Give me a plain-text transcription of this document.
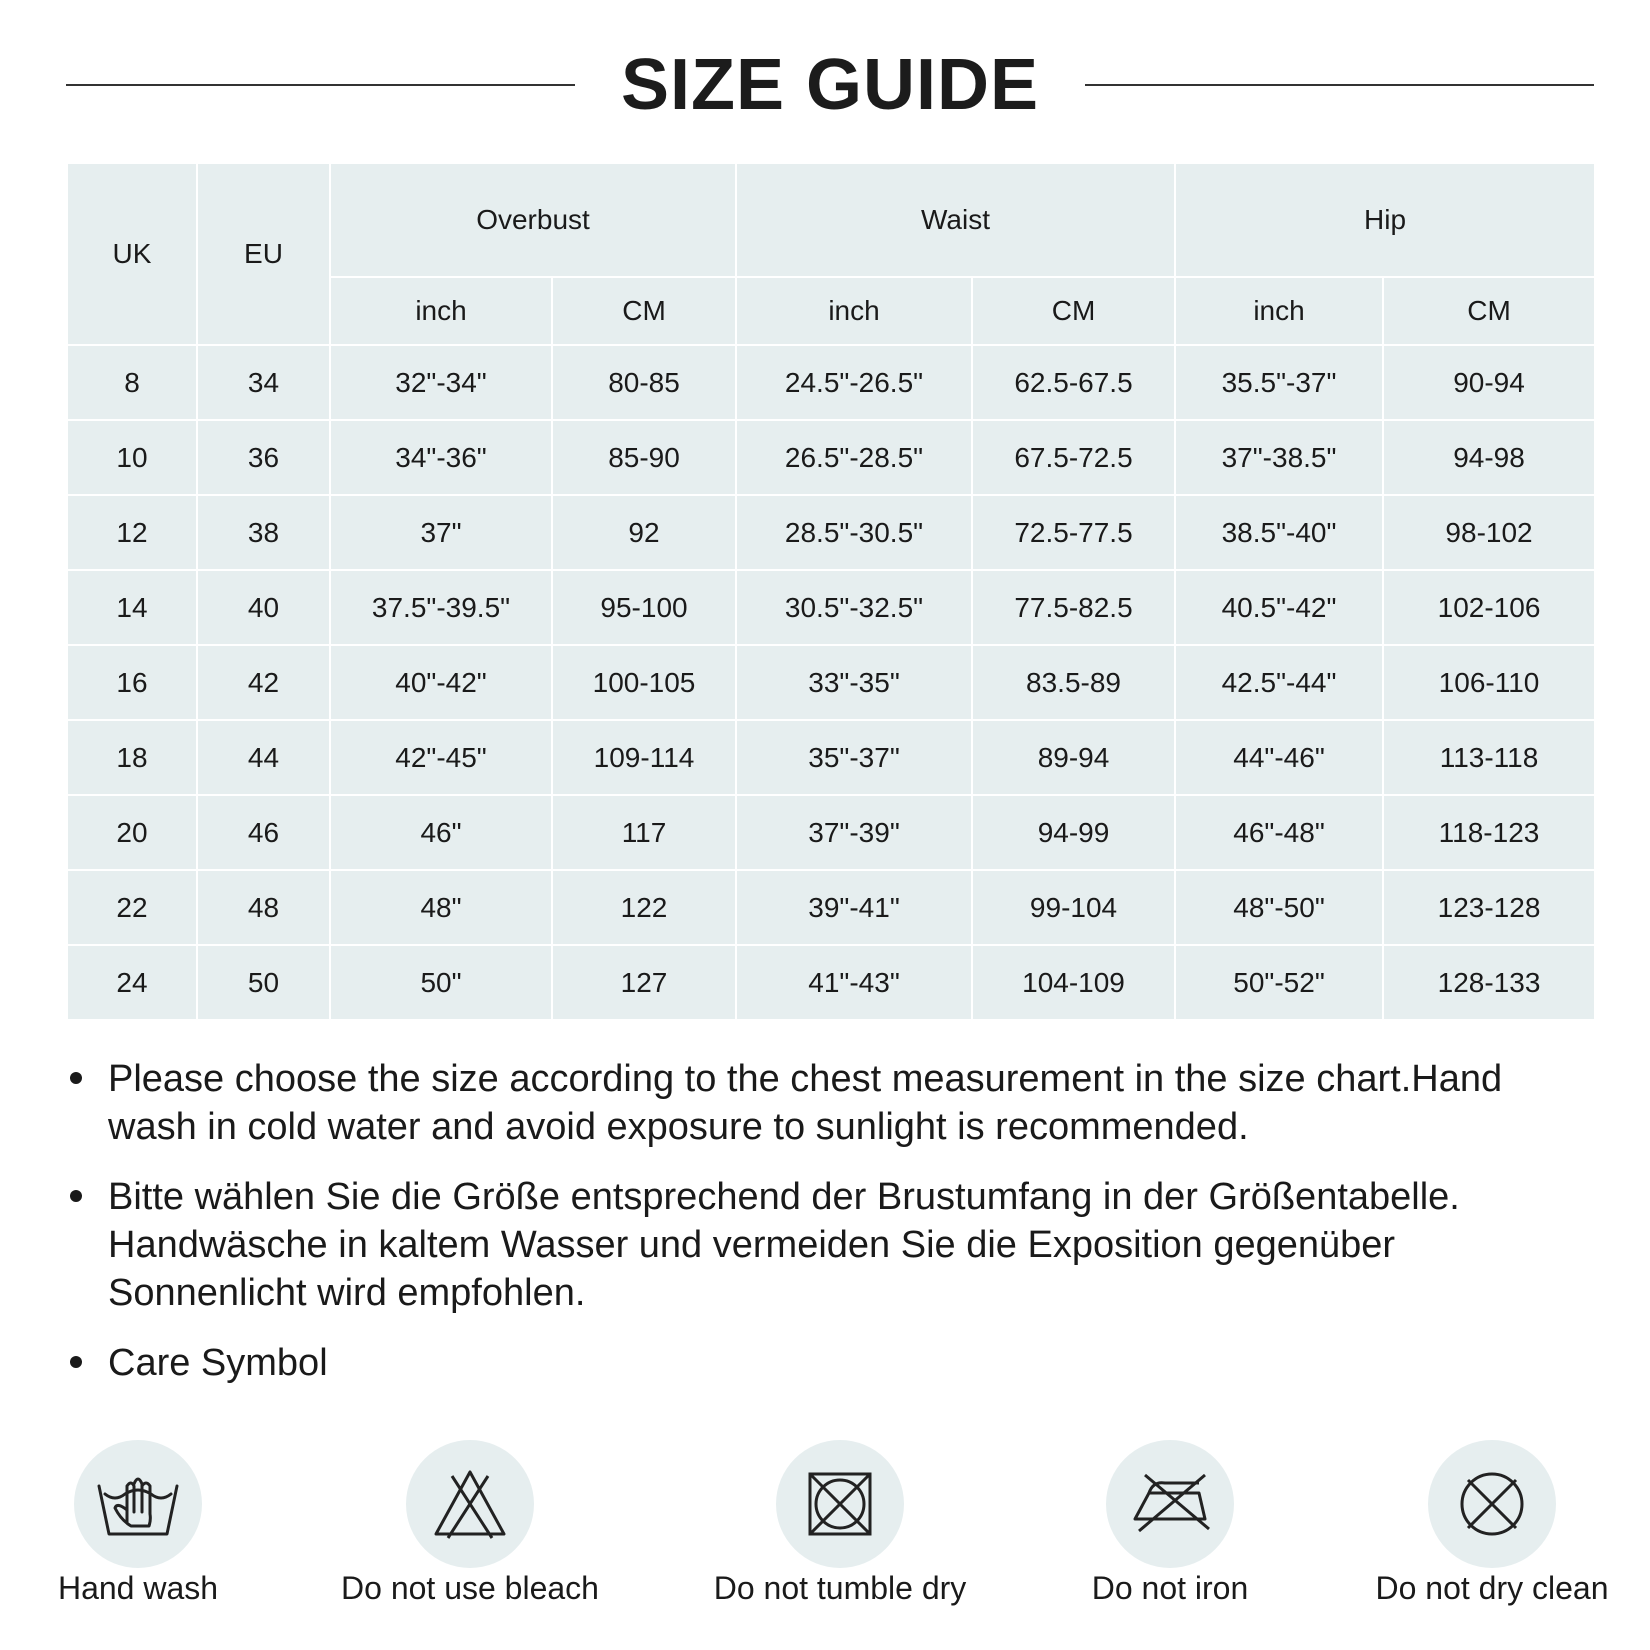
SIZE GUIDE
UK	EU	Overbust		Waist		Hip	
		inch	CM	inch	CM	inch	CM
8	34	32"-34"	80-85	24.5"-26.5"	62.5-67.5	35.5"-37"	90-94
10	36	34"-36"	85-90	26.5"-28.5"	67.5-72.5	37"-38.5"	94-98
12	38	37"	92	28.5"-30.5"	72.5-77.5	38.5"-40"	98-102
14	40	37.5"-39.5"	95-100	30.5"-32.5"	77.5-82.5	40.5"-42"	102-106
16	42	40"-42"	100-105	33"-35"	83.5-89	42.5"-44"	106-110
18	44	42"-45"	109-114	35"-37"	89-94	44"-46"	113-118
20	46	46"	117	37"-39"	94-99	46"-48"	118-123
22	48	48"	122	39"-41"	99-104	48"-50"	123-128
24	50	50"	127	41"-43"	104-109	50"-52"	128-133
Please choose the size according to the chest measurement in the size chart.Hand wash in cold water and avoid exposure to sunlight is recommended.
Bitte wählen Sie die Größe entsprechend der Brustumfang in der Größentabelle. Handwäsche in kaltem Wasser und vermeiden Sie die Exposition gegenüber Sonnenlicht wird empfohlen.
Care Symbol
Hand wash	Do not use bleach	Do not tumble dry	Do not iron	Do not dry clean
